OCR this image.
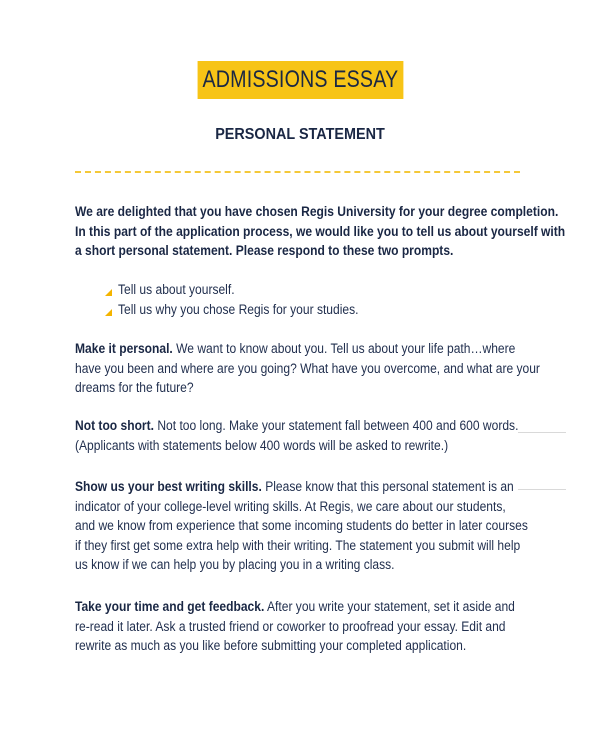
ADMISSIONS ESSAY
PERSONAL STATEMENT
We are delighted that you have chosen Regis University for your degree completion.
In this part of the application process, we would like you to tell us about yourself with
a short personal statement. Please respond to these two prompts.
Tell us about yourself.
Tell us why you chose Regis for your studies.
Make it personal. We want to know about you. Tell us about your life path…where
have you been and where are you going? What have you overcome, and what are your
dreams for the future?
Not too short. Not too long. Make your statement fall between 400 and 600 words.
(Applicants with statements below 400 words will be asked to rewrite.)
Show us your best writing skills. Please know that this personal statement is an
indicator of your college-level writing skills. At Regis, we care about our students,
and we know from experience that some incoming students do better in later courses
if they first get some extra help with their writing. The statement you submit will help
us know if we can help you by placing you in a writing class.
Take your time and get feedback. After you write your statement, set it aside and
re-read it later. Ask a trusted friend or coworker to proofread your essay. Edit and
rewrite as much as you like before submitting your completed application.
